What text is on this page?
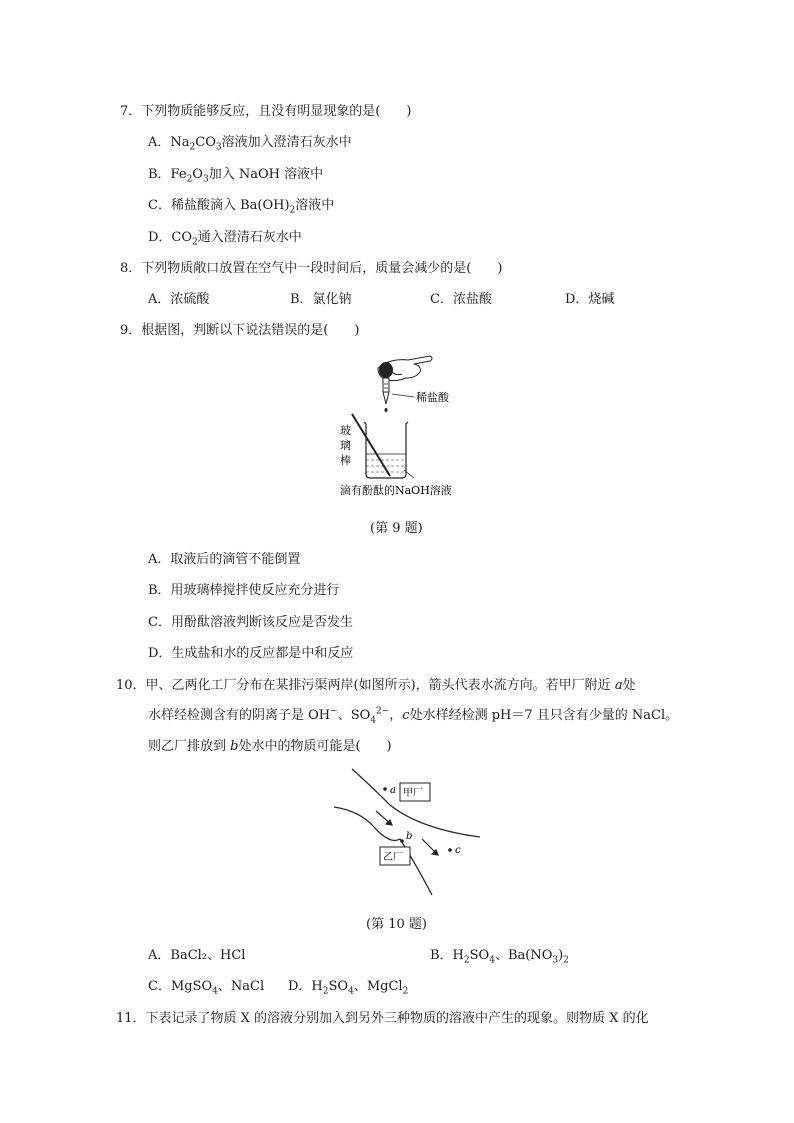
7．下列物质能够反应，且没有明显现象的是(　　)
A．$Na_2CO_3$溶液加入澄清石灰水中
B．$Fe_2O_3$加入 NaOH 溶液中
C．稀盐酸滴入 $Ba(OH)_2$溶液中
D．$CO_2$通入澄清石灰水中
8．下列物质敞口放置在空气中一段时间后，质量会减少的是(　　)
A．浓硫酸	B．氯化钠	C．浓盐酸	D．烧碱
9．根据图，判断以下说法错误的是(　　)
稀盐酸
玻
璃
棒
滴有酚酞的NaOH溶液
(第 9 题)
A．取液后的滴管不能倒置
B．用玻璃棒搅拌使反应充分进行
C．用酚酞溶液判断该反应是否发生
D．生成盐和水的反应都是中和反应
10．甲、乙两化工厂分布在某排污渠两岸(如图所示)，箭头代表水流方向。若甲厂附近 a处
水样经检测含有的阴离子是 OH−、$SO_4^{2-}$，c处水样经检测 pH＝7 且只含有少量的 NaCl。
则乙厂排放到 b处水中的物质可能是(　　)
甲厂
a
b
乙厂
c
(第 10 题)
A．BaCl₂、HCl	B．$H_2SO_4$、$Ba(NO_3)_2$
C．MgSO$_4$、NaCl D．$H_2SO_4$、MgCl$_2$
11．下表记录了物质 X 的溶液分别加入到另外三种物质的溶液中产生的现象。则物质 X 的化
